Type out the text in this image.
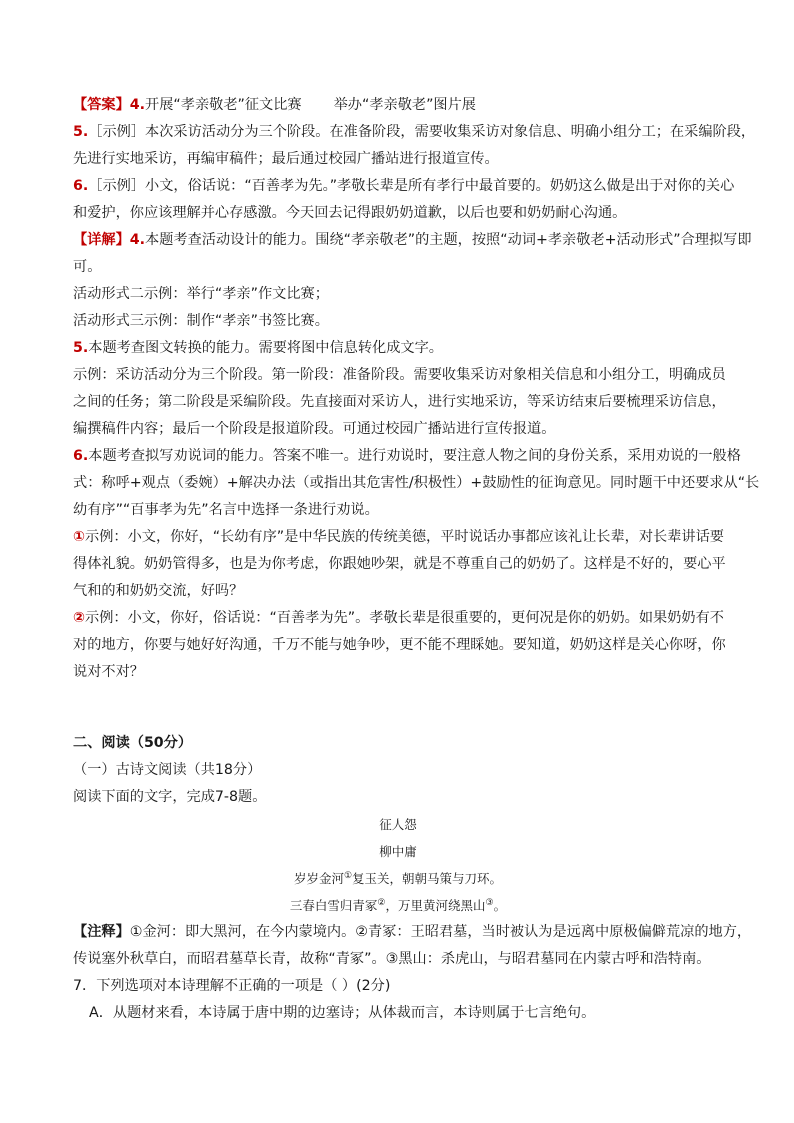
【答案】4.开展“孝亲敬老”征文比赛 举办“孝亲敬老”图片展
5.［示例］本次采访活动分为三个阶段。在准备阶段，需要收集采访对象信息、明确小组分工；在采编阶段，
先进行实地采访，再编审稿件；最后通过校园广播站进行报道宣传。
6.［示例］小文，俗话说：“百善孝为先。”孝敬长辈是所有孝行中最首要的。奶奶这么做是出于对你的关心
和爱护，你应该理解并心存感激。今天回去记得跟奶奶道歉，以后也要和奶奶耐心沟通。
【详解】4.本题考查活动设计的能力。围绕“孝亲敬老”的主题，按照“动词+孝亲敬老+活动形式”合理拟写即
可。
活动形式二示例：举行“孝亲”作文比赛；
活动形式三示例：制作“孝亲”书签比赛。
5.本题考查图文转换的能力。需要将图中信息转化成文字。
示例：采访活动分为三个阶段。第一阶段：准备阶段。需要收集采访对象相关信息和小组分工，明确成员
之间的任务；第二阶段是采编阶段。先直接面对采访人，进行实地采访，等采访结束后要梳理采访信息，
编撰稿件内容；最后一个阶段是报道阶段。可通过校园广播站进行宣传报道。
6.本题考查拟写劝说词的能力。答案不唯一。进行劝说时，要注意人物之间的身份关系，采用劝说的一般格
式：称呼+观点（委婉）+解决办法（或指出其危害性/积极性）+鼓励性的征询意见。同时题干中还要求从“长
幼有序”“百事孝为先”名言中选择一条进行劝说。
①示例：小文，你好，“长幼有序”是中华民族的传统美德，平时说话办事都应该礼让长辈，对长辈讲话要
得体礼貌。奶奶管得多，也是为你考虑，你跟她吵架，就是不尊重自己的奶奶了。这样是不好的，要心平
气和的和奶奶交流，好吗？
②示例：小文，你好，俗话说：“百善孝为先”。孝敬长辈是很重要的，更何况是你的奶奶。如果奶奶有不
对的地方，你要与她好好沟通，千万不能与她争吵，更不能不理睬她。要知道，奶奶这样是关心你呀，你
说对不对？
二、阅读（50分）
（一）古诗文阅读（共18分）
阅读下面的文字，完成7-8题。
征人怨
柳中庸
岁岁金河①复玉关，朝朝马策与刀环。
三春白雪归青冢②，万里黄河绕黑山③。
【注释】①金河：即大黑河，在今内蒙境内。②青冢：王昭君墓，当时被认为是远离中原极偏僻荒凉的地方，
传说塞外秋草白，而昭君墓草长青，故称“青冢”。③黑山：杀虎山，与昭君墓同在内蒙古呼和浩特南。
7．下列选项对本诗理解不正确的一项是（ ）(2分)
A．从题材来看，本诗属于唐中期的边塞诗；从体裁而言，本诗则属于七言绝句。
